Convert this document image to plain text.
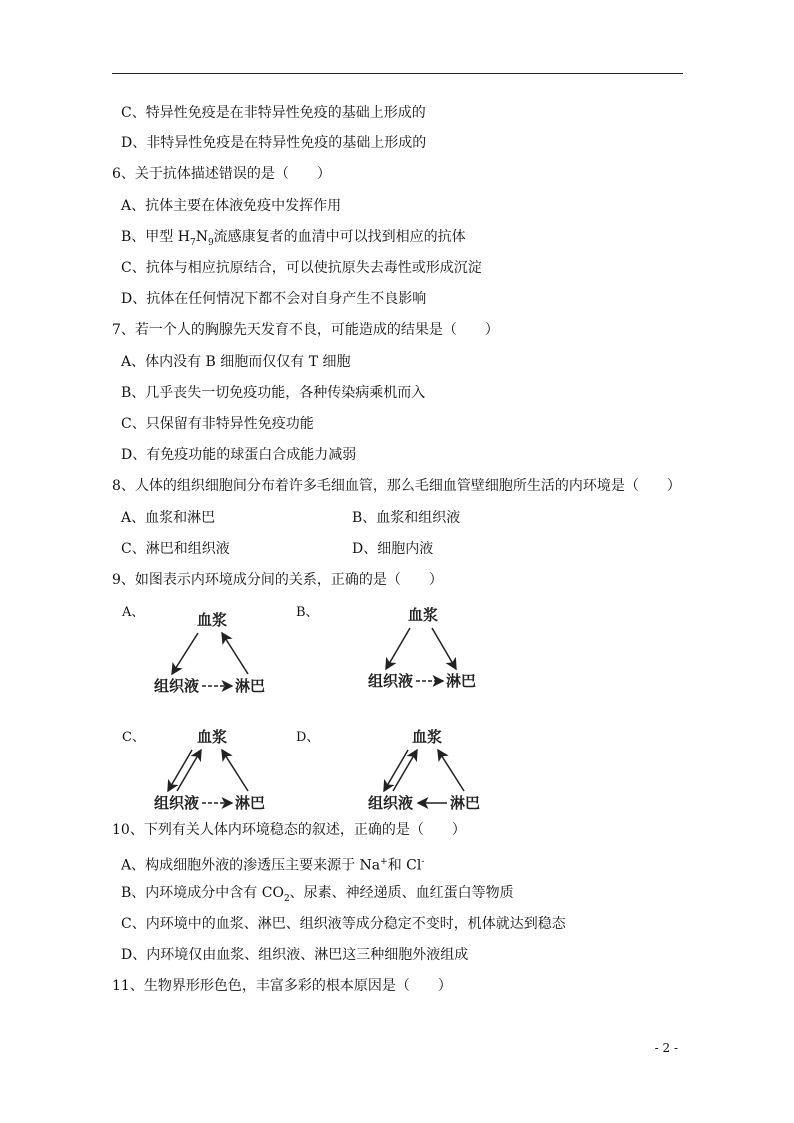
C、特异性免疫是在非特异性免疫的基础上形成的
D、非特异性免疫是在特异性免疫的基础上形成的
6、关于抗体描述错误的是（　　）
A、抗体主要在体液免疫中发挥作用
B、甲型 $H_7N_9$流感康复者的血清中可以找到相应的抗体
C、抗体与相应抗原结合，可以使抗原失去毒性或形成沉淀
D、抗体在任何情况下都不会对自身产生不良影响
7、若一个人的胸腺先天发育不良，可能造成的结果是（　　）
A、体内没有 B 细胞而仅仅有 T 细胞
B、几乎丧失一切免疫功能，各种传染病乘机而入
C、只保留有非特异性免疫功能
D、有免疫功能的球蛋白合成能力减弱
8、人体的组织细胞间分布着许多毛细血管，那么毛细血管壁细胞所生活的内环境是（　　）
A、血浆和淋巴	B、血浆和组织液
C、淋巴和组织液	D、细胞内液
9、如图表示内环境成分间的关系，正确的是（　　）
A、	B、
C、	D、
血浆
组织液 淋巴
血浆
组织液 淋巴
血浆
组织液 淋巴
血浆
组织液 淋巴
10、下列有关人体内环境稳态的叙述，正确的是（　　）
A、构成细胞外液的渗透压主要来源于 Na+和 Cl-
B、内环境成分中含有 $CO_2$、尿素、神经递质、血红蛋白等物质
C、内环境中的血浆、淋巴、组织液等成分稳定不变时，机体就达到稳态
D、内环境仅由血浆、组织液、淋巴这三种细胞外液组成
11、生物界形形色色，丰富多彩的根本原因是（　　）
- 2 -
